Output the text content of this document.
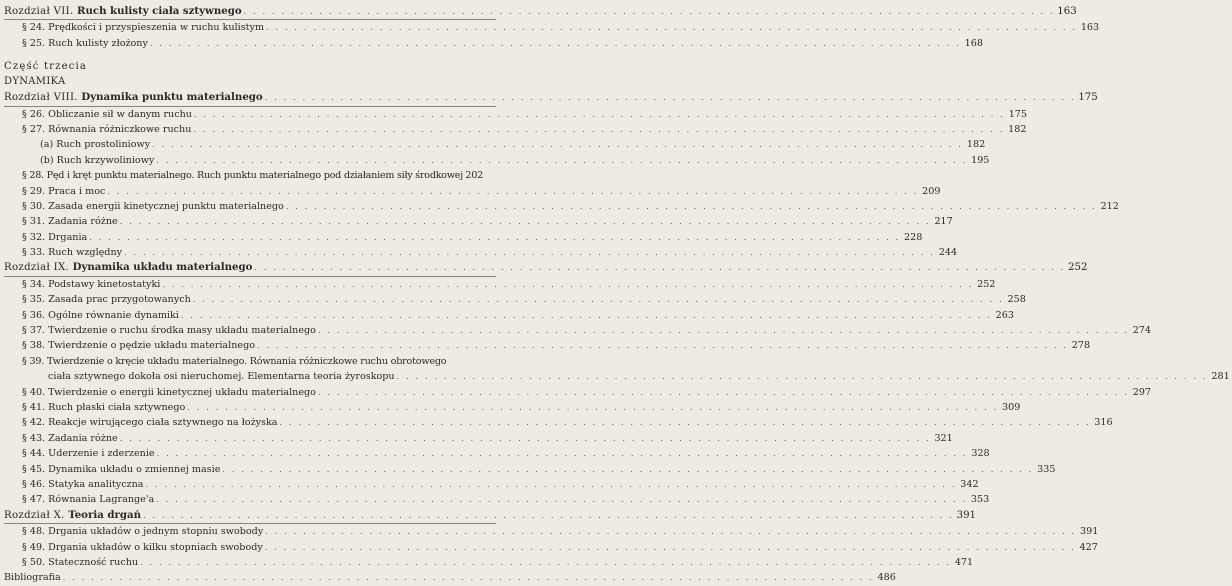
Rozdział VII. Ruch kulisty ciała sztywnego . . .	163
§ 24. Prędkości i przyspieszenia w ruchu kulistym . . .	163
§ 25. Ruch kulisty złożony . . .	168
Część trzecia
DYNAMIKA
Rozdział VIII. Dynamika punktu materialnego . . .	175
§ 26. Obliczanie sił w danym ruchu . . .	175
§ 27. Równania różniczkowe ruchu . . .	182
(a) Ruch prostoliniowy . . .	182
(b) Ruch krzywoliniowy . . .	195
§ 28. Pęd i kręt punktu materialnego. Ruch punktu materialnego pod działaniem siły środkowej 202
§ 29. Praca i moc . . .	209
§ 30. Zasada energii kinetycznej punktu materialnego . . .	212
§ 31. Zadania różne . . .	217
§ 32. Drgania . . .	228
§ 33. Ruch względny . . .	244
Rozdział IX. Dynamika układu materialnego . . .	252
§ 34. Podstawy kinetostatyki . . .	252
§ 35. Zasada prac przygotowanych . . .	258
§ 36. Ogólne równanie dynamiki . . .	263
§ 37. Twierdzenie o ruchu środka masy układu materialnego . . .	274
§ 38. Twierdzenie o pędzie układu materialnego . . .	278
§ 39. Twierdzenie o kręcie układu materialnego. Równania różniczkowe ruchu obrotowego
ciała sztywnego dokoła osi nieruchomej. Elementarna teoria żyroskopu . . .	281
§ 40. Twierdzenie o energii kinetycznej układu materialnego . . .	297
§ 41. Ruch płaski ciała sztywnego . . .	309
§ 42. Reakcje wirującego ciała sztywnego na łożyska . . .	316
§ 43. Zadania różne . . .	321
§ 44. Uderzenie i zderzenie . . .	328
§ 45. Dynamika układu o zmiennej masie . . .	335
§ 46. Statyka analityczna . . .	342
§ 47. Równania Lagrange'a . . .	353
Rozdział X. Teoria drgań . . .	391
§ 48. Drgania układów o jednym stopniu swobody . . .	391
§ 49. Drgania układów o kilku stopniach swobody . . .	427
§ 50. Stateczność ruchu . . .	471
Bibliografia . . .	486
